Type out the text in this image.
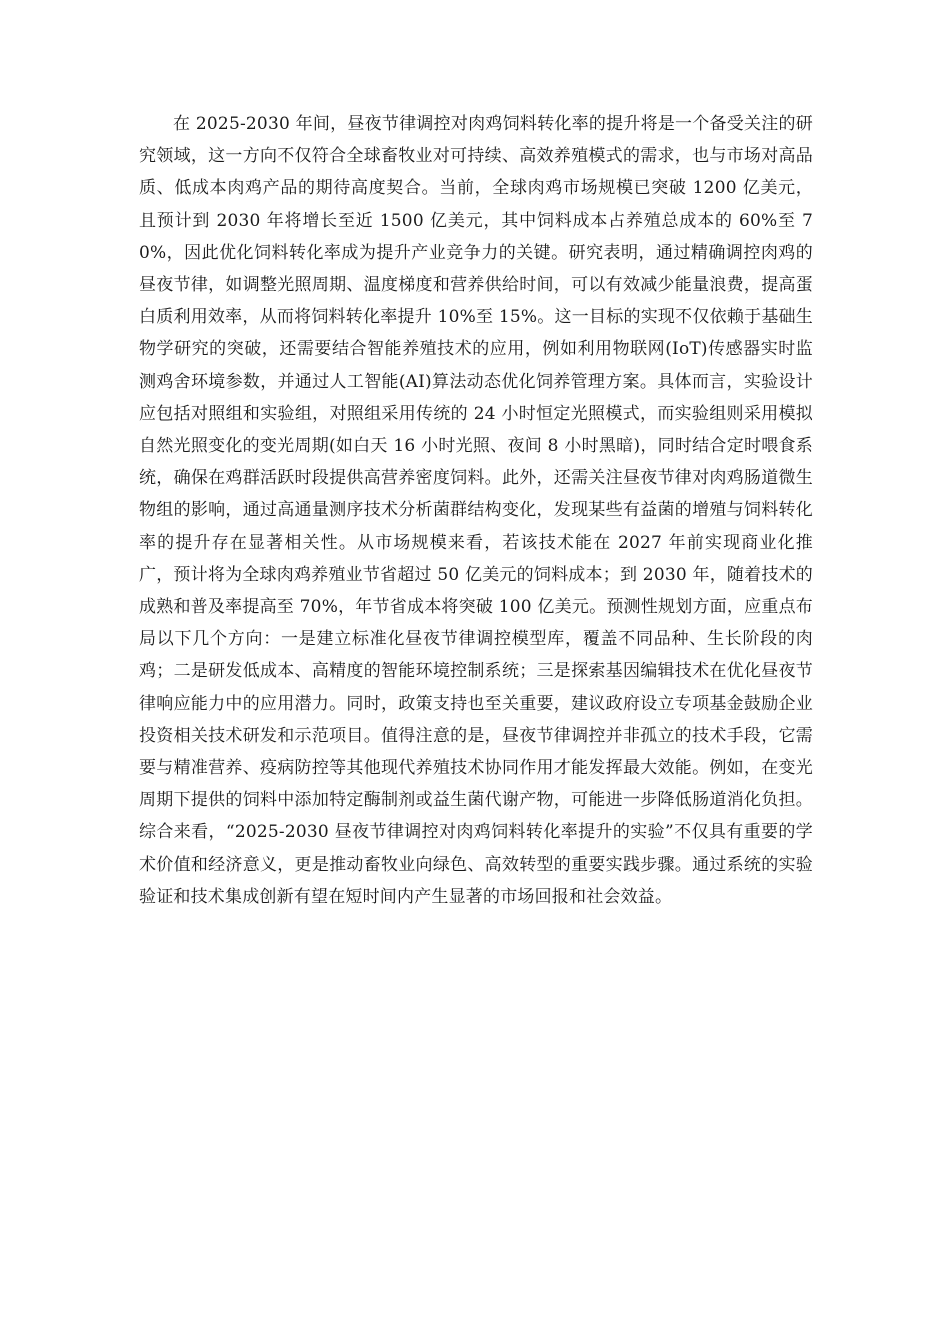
在 2025-2030 年间，昼夜节律调控对肉鸡饲料转化率的提升将是一个备受关注的研究领域，这一方向不仅符合全球畜牧业对可持续、高效养殖模式的需求，也与市场对高品质、低成本肉鸡产品的期待高度契合。当前，全球肉鸡市场规模已突破 1200 亿美元，且预计到 2030 年将增长至近 1500 亿美元，其中饲料成本占养殖总成本的 60%至 70%，因此优化饲料转化率成为提升产业竞争力的关键。研究表明，通过精确调控肉鸡的昼夜节律，如调整光照周期、温度梯度和营养供给时间，可以有效减少能量浪费，提高蛋白质利用效率，从而将饲料转化率提升 10%至 15%。这一目标的实现不仅依赖于基础生物学研究的突破，还需要结合智能养殖技术的应用，例如利用物联网(IoT)传感器实时监测鸡舍环境参数，并通过人工智能(AI)算法动态优化饲养管理方案。具体而言，实验设计应包括对照组和实验组，对照组采用传统的 24 小时恒定光照模式，而实验组则采用模拟自然光照变化的变光周期(如白天 16 小时光照、夜间 8 小时黑暗)，同时结合定时喂食系统，确保在鸡群活跃时段提供高营养密度饲料。此外，还需关注昼夜节律对肉鸡肠道微生物组的影响，通过高通量测序技术分析菌群结构变化，发现某些有益菌的增殖与饲料转化率的提升存在显著相关性。从市场规模来看，若该技术能在 2027 年前实现商业化推广，预计将为全球肉鸡养殖业节省超过 50 亿美元的饲料成本；到 2030 年，随着技术的成熟和普及率提高至 70%，年节省成本将突破 100 亿美元。预测性规划方面，应重点布局以下几个方向：一是建立标准化昼夜节律调控模型库，覆盖不同品种、生长阶段的肉鸡；二是研发低成本、高精度的智能环境控制系统；三是探索基因编辑技术在优化昼夜节律响应能力中的应用潜力。同时，政策支持也至关重要，建议政府设立专项基金鼓励企业投资相关技术研发和示范项目。值得注意的是，昼夜节律调控并非孤立的技术手段，它需要与精准营养、疫病防控等其他现代养殖技术协同作用才能发挥最大效能。例如，在变光周期下提供的饲料中添加特定酶制剂或益生菌代谢产物，可能进一步降低肠道消化负担。综合来看，“2025-2030 昼夜节律调控对肉鸡饲料转化率提升的实验”不仅具有重要的学术价值和经济意义，更是推动畜牧业向绿色、高效转型的重要实践步骤。通过系统的实验验证和技术集成创新有望在短时间内产生显著的市场回报和社会效益。
